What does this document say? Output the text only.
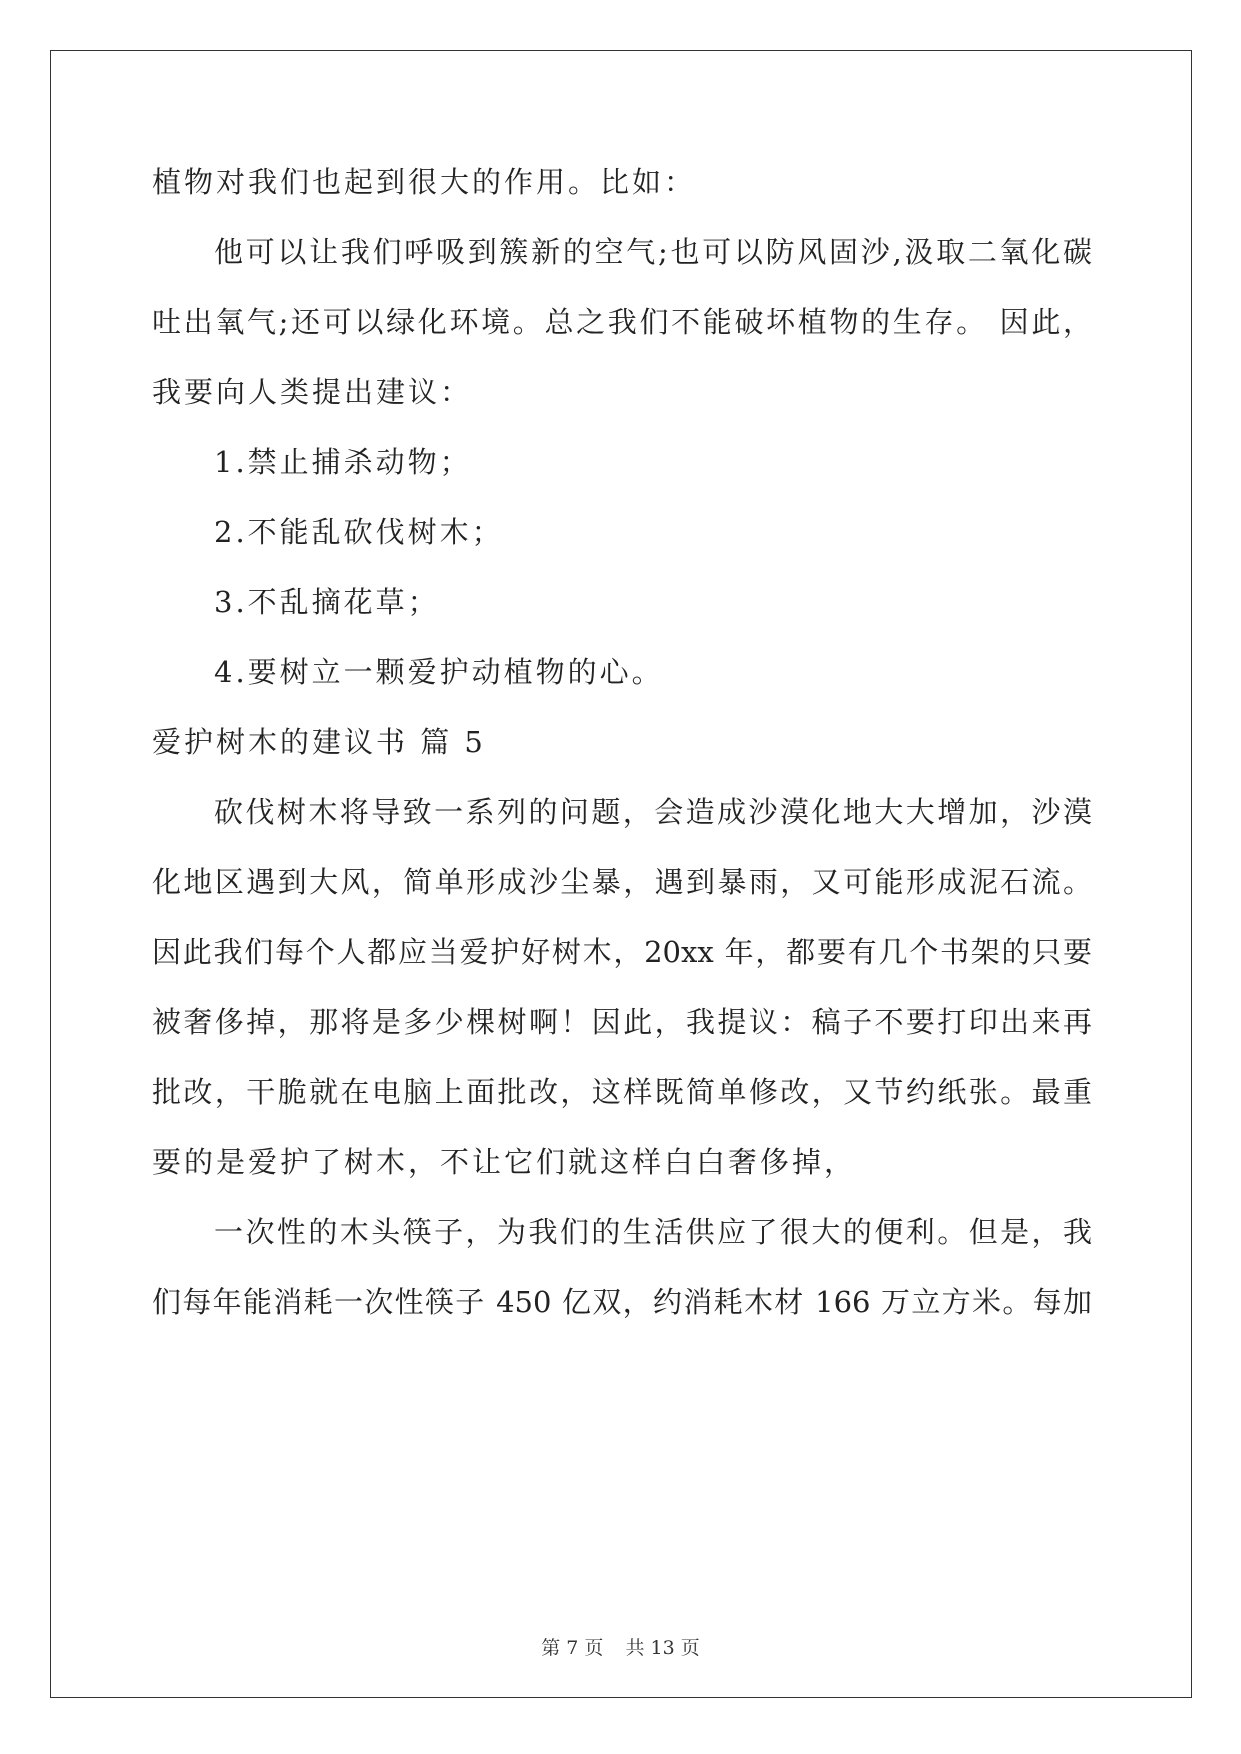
植物对我们也起到很大的作用。比如：
他可以让我们呼吸到簇新的空气;也可以防风固沙,汲取二氧化碳
吐出氧气;还可以绿化环境。总之我们不能破坏植物的生存。 因此，
我要向人类提出建议：
1.禁止捕杀动物；
2.不能乱砍伐树木；
3.不乱摘花草；
4.要树立一颗爱护动植物的心。
爱护树木的建议书 篇 5
砍伐树木将导致一系列的问题，会造成沙漠化地大大增加，沙漠
化地区遇到大风，简单形成沙尘暴，遇到暴雨，又可能形成泥石流。
因此我们每个人都应当爱护好树木，20xx 年，都要有几个书架的只要
被奢侈掉，那将是多少棵树啊！因此，我提议：稿子不要打印出来再
批改，干脆就在电脑上面批改，这样既简单修改，又节约纸张。最重
要的是爱护了树木，不让它们就这样白白奢侈掉，
一次性的木头筷子，为我们的生活供应了很大的便利。但是，我
们每年能消耗一次性筷子 450 亿双，约消耗木材 166 万立方米。每加
第 7 页 共 13 页
